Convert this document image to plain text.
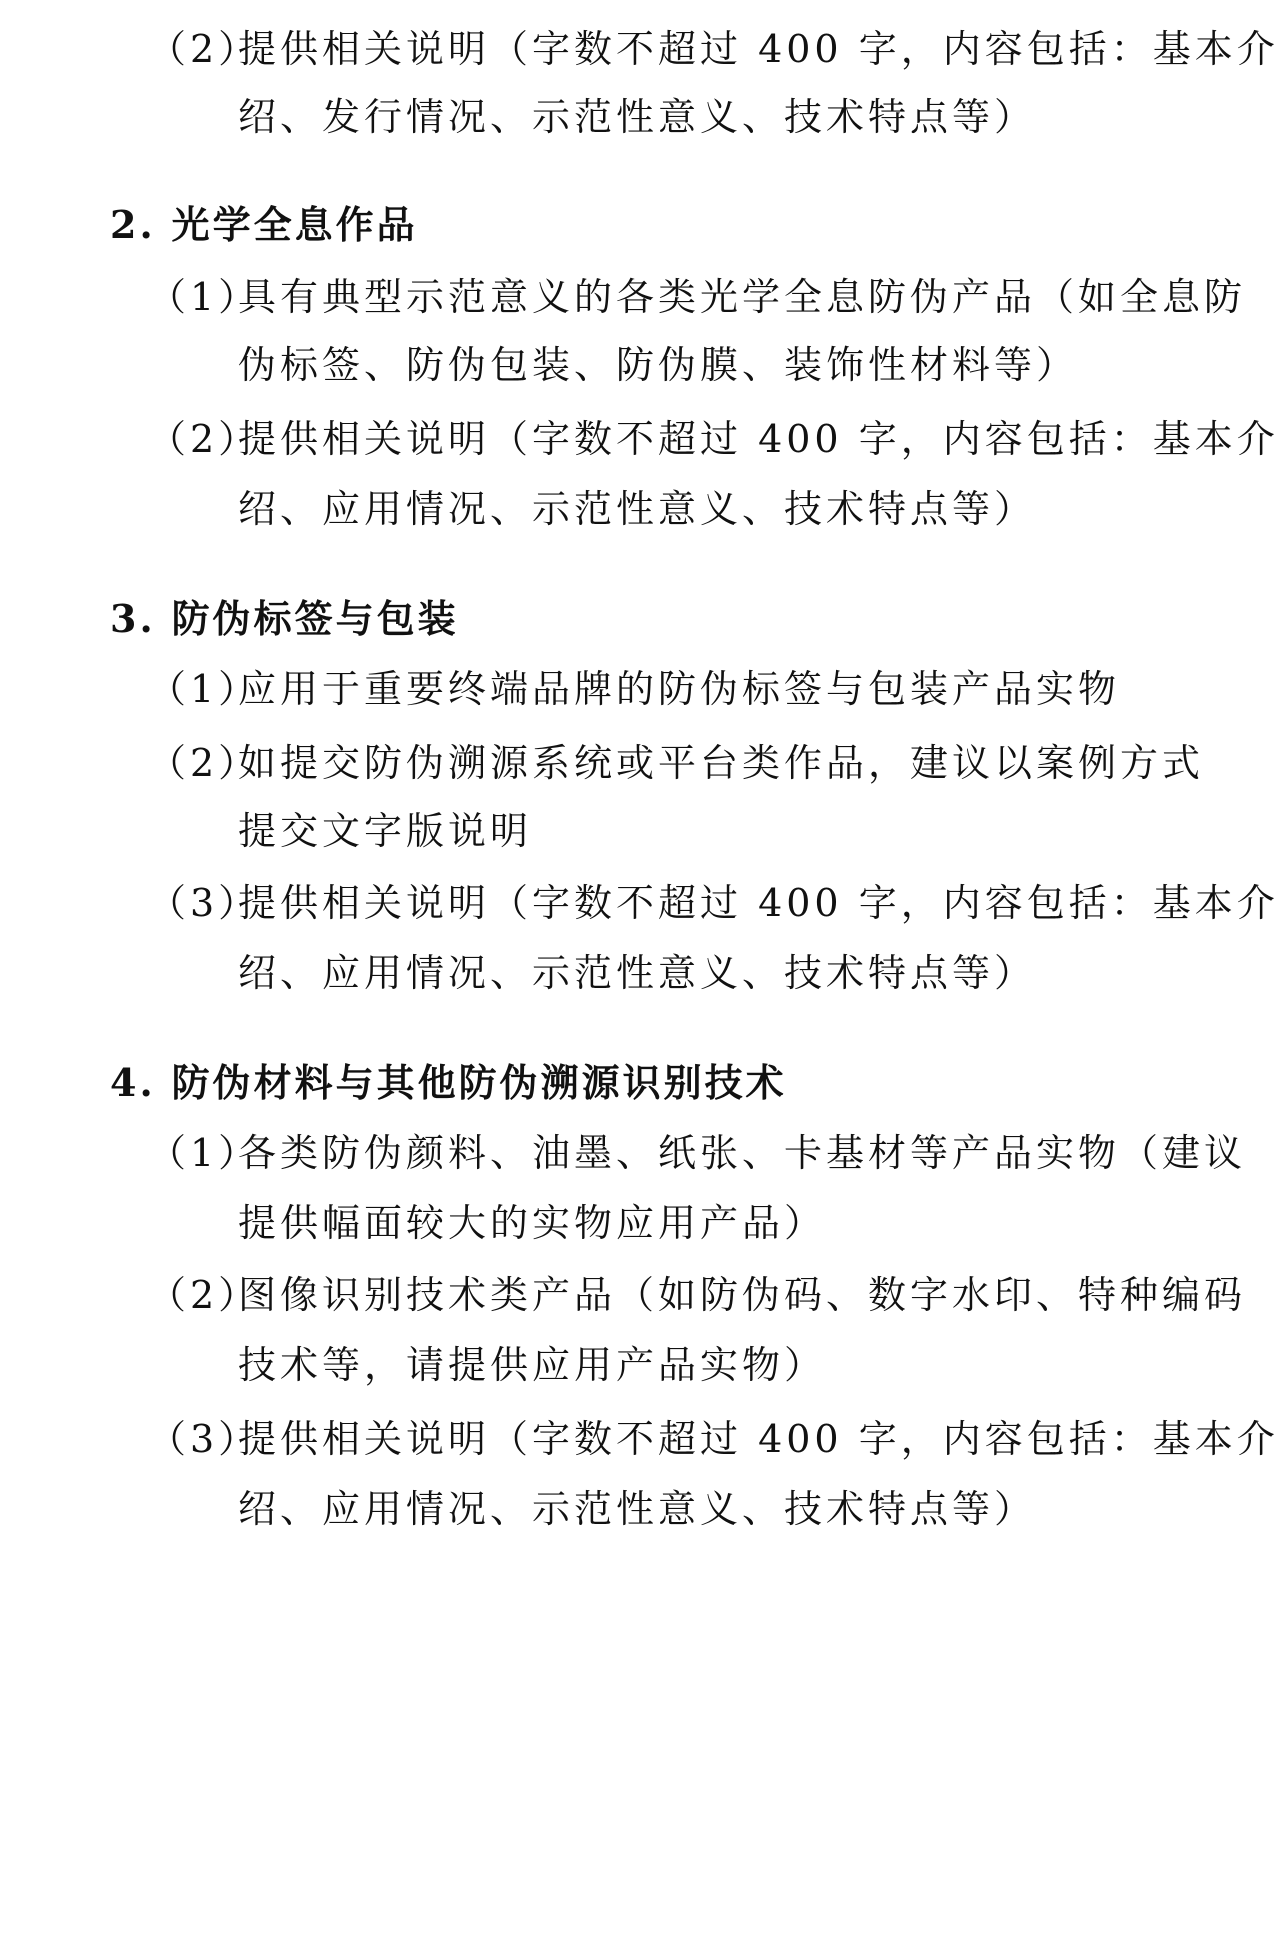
（2）提供相关说明（字数不超过 400 字，内容包括：基本介

绍、发行情况、示范性意义、技术特点等）

2. 光学全息作品

（1）具有典型示范意义的各类光学全息防伪产品（如全息防

伪标签、防伪包装、防伪膜、装饰性材料等）

（2）提供相关说明（字数不超过 400 字，内容包括：基本介

绍、应用情况、示范性意义、技术特点等）

3. 防伪标签与包装

（1）应用于重要终端品牌的防伪标签与包装产品实物

（2）如提交防伪溯源系统或平台类作品，建议以案例方式

提交文字版说明

（3）提供相关说明（字数不超过 400 字，内容包括：基本介

绍、应用情况、示范性意义、技术特点等）

4. 防伪材料与其他防伪溯源识别技术

（1）各类防伪颜料、油墨、纸张、卡基材等产品实物（建议

提供幅面较大的实物应用产品）

（2）图像识别技术类产品（如防伪码、数字水印、特种编码

技术等，请提供应用产品实物）

（3）提供相关说明（字数不超过 400 字，内容包括：基本介

绍、应用情况、示范性意义、技术特点等）
